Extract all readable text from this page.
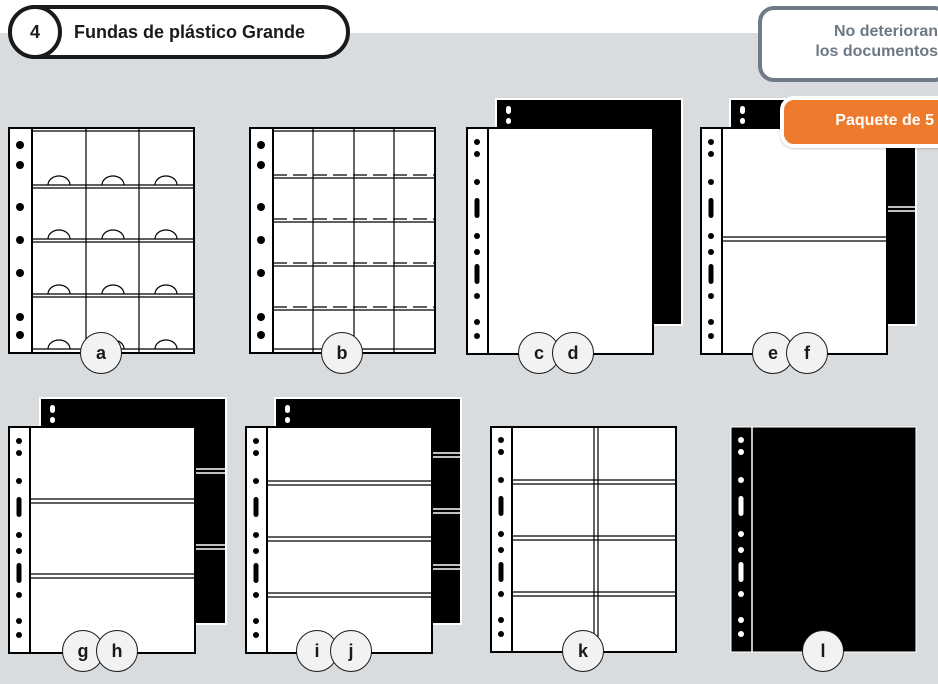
4	Fundas de plástico Grande	No deterioran
los documentos
a	b	c	d	e	f
g	h	i	j	k	l
Paquete de 5
